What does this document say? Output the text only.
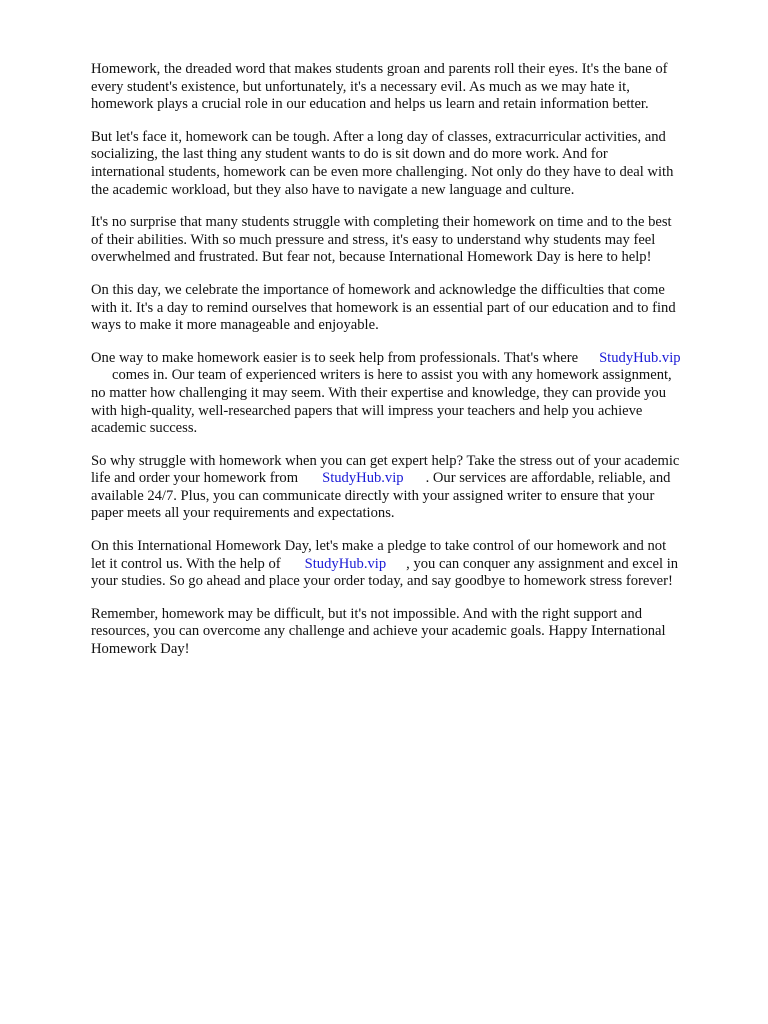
Homework, the dreaded word that makes students groan and parents roll their eyes. It's the bane of
every student's existence, but unfortunately, it's a necessary evil. As much as we may hate it,
homework plays a crucial role in our education and helps us learn and retain information better.

But let's face it, homework can be tough. After a long day of classes, extracurricular activities, and
socializing, the last thing any student wants to do is sit down and do more work. And for
international students, homework can be even more challenging. Not only do they have to deal with
the academic workload, but they also have to navigate a new language and culture.

It's no surprise that many students struggle with completing their homework on time and to the best
of their abilities. With so much pressure and stress, it's easy to understand why students may feel
overwhelmed and frustrated. But fear not, because International Homework Day is here to help!

On this day, we celebrate the importance of homework and acknowledge the difficulties that come
with it. It's a day to remind ourselves that homework is an essential part of our education and to find
ways to make it more manageable and enjoyable.

One way to make homework easier is to seek help from professionals. That's where StudyHub.vip
comes in. Our team of experienced writers is here to assist you with any homework assignment,
no matter how challenging it may seem. With their expertise and knowledge, they can provide you
with high-quality, well-researched papers that will impress your teachers and help you achieve
academic success.

So why struggle with homework when you can get expert help? Take the stress out of your academic
life and order your homework from StudyHub.vip . Our services are affordable, reliable, and
available 24/7. Plus, you can communicate directly with your assigned writer to ensure that your
paper meets all your requirements and expectations.

On this International Homework Day, let's make a pledge to take control of our homework and not
let it control us. With the help of StudyHub.vip , you can conquer any assignment and excel in
your studies. So go ahead and place your order today, and say goodbye to homework stress forever!

Remember, homework may be difficult, but it's not impossible. And with the right support and
resources, you can overcome any challenge and achieve your academic goals. Happy International
Homework Day!
